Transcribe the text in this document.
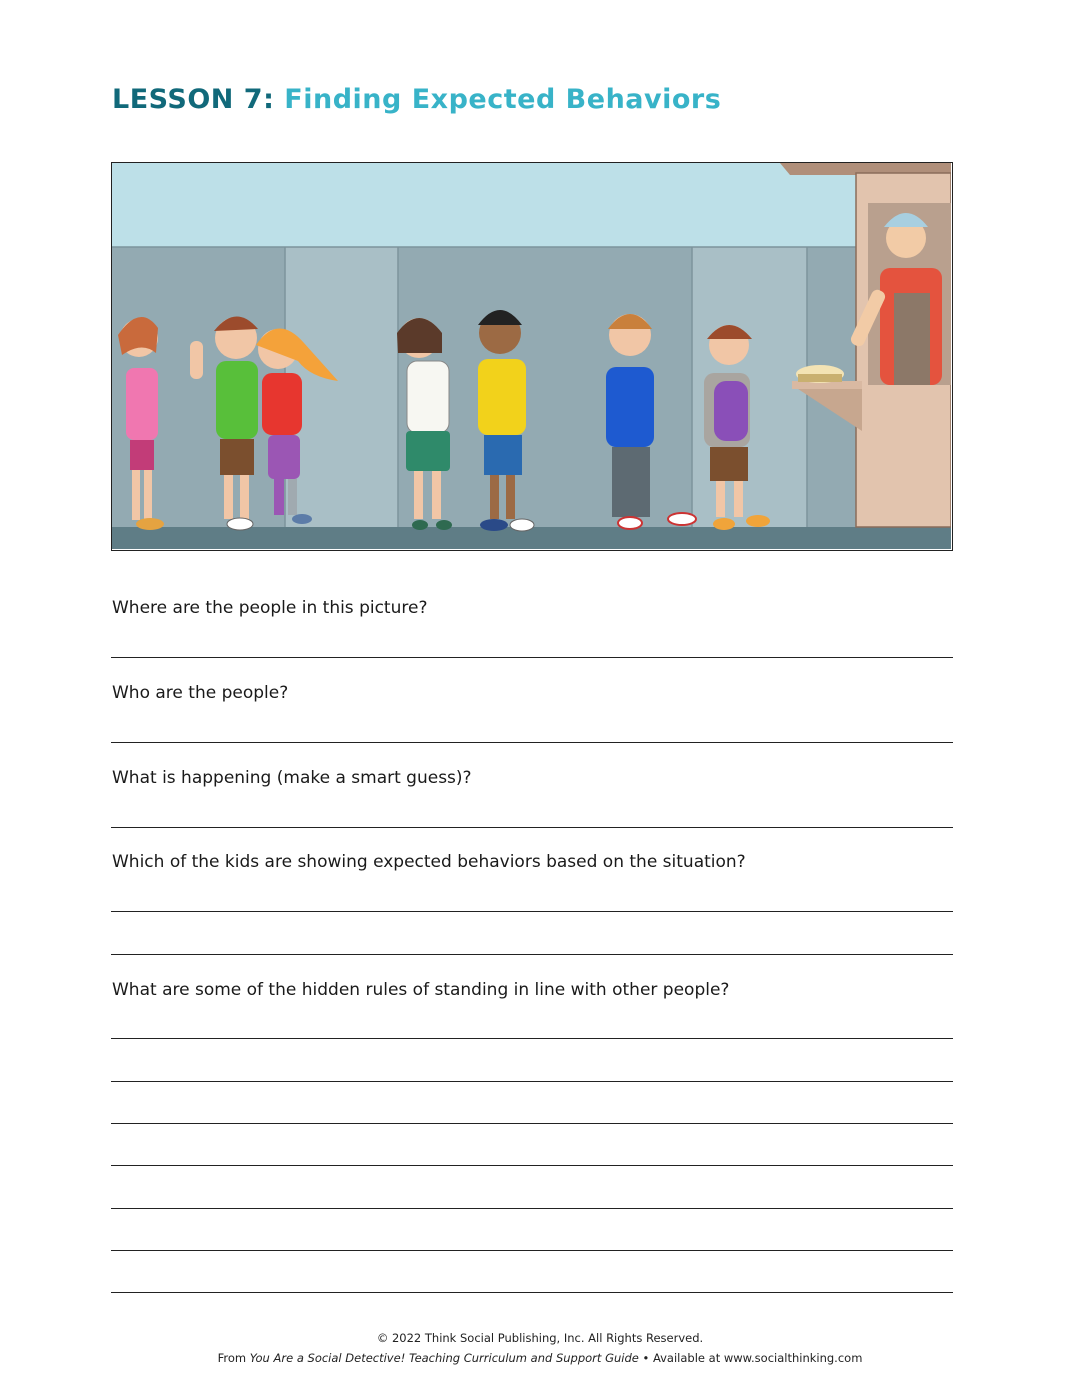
LESSON 7: Finding Expected Behaviors

Where are the people in this picture?

Who are the people?

What is happening (make a smart guess)?

Which of the kids are showing expected behaviors based on the situation?

What are some of the hidden rules of standing in line with other people?

© 2022 Think Social Publishing, Inc. All Rights Reserved.

From You Are a Social Detective! Teaching Curriculum and Support Guide • Available at www.socialthinking.com
